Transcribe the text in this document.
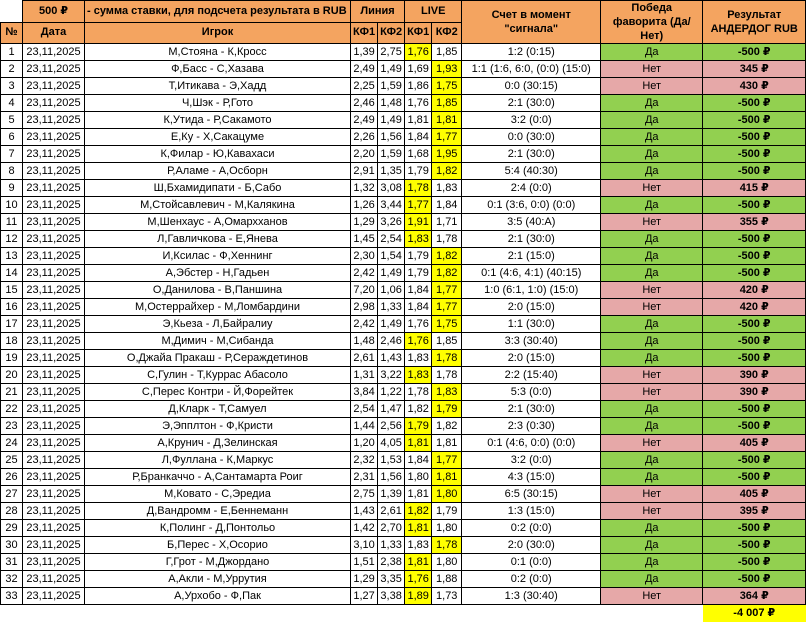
	500 ₽	- сумма ставки, для подсчета результата в RUB	Линия		LIVE		Счет в момент "сигнала"	Победа фаворита (Да/Нет)	Результат АНДЕРДОГ RUB
№	Дата	Игрок	КФ1	КФ2	КФ1	КФ2			
1	23,11,2025	М,Стояна - К,Кросс	1,39	2,75	1,76	1,85	1:2 (0:15)	Да	-500 ₽
2	23,11,2025	Ф,Басс - С,Хазава	2,49	1,49	1,69	1,93	1:1 (1:6, 6:0, (0:0) (15:0)	Нет	345 ₽
3	23,11,2025	Т,Итикава - Э,Хадд	2,25	1,59	1,86	1,75	0:0 (30:15)	Нет	430 ₽
4	23,11,2025	Ч,Шэк - Р,Гото	2,46	1,48	1,76	1,85	2:1 (30:0)	Да	-500 ₽
5	23,11,2025	К,Утида - Р,Сакамото	2,49	1,49	1,81	1,81	3:2 (0:0)	Да	-500 ₽
6	23,11,2025	Е,Ку - Х,Сакацуме	2,26	1,56	1,84	1,77	0:0 (30:0)	Да	-500 ₽
7	23,11,2025	К,Филар - Ю,Кавахаси	2,20	1,59	1,68	1,95	2:1 (30:0)	Да	-500 ₽
8	23,11,2025	Р,Аламе - А,Осборн	2,91	1,35	1,79	1,82	5:4 (40:30)	Да	-500 ₽
9	23,11,2025	Ш,Бхамидипати - Б,Сабо	1,32	3,08	1,78	1,83	2:4 (0:0)	Нет	415 ₽
10	23,11,2025	М,Стойсавлевич - М,Калякина	1,26	3,44	1,77	1,84	0:1 (3:6, 0:0) (0:0)	Да	-500 ₽
11	23,11,2025	М,Шенхаус - А,Омархханов	1,29	3,26	1,91	1,71	3:5 (40:А)	Нет	355 ₽
12	23,11,2025	Л,Гавличкова - Е,Янева	1,45	2,54	1,83	1,78	2:1 (30:0)	Да	-500 ₽
13	23,11,2025	И,Ксилас - Ф,Хеннинг	2,30	1,54	1,79	1,82	2:1 (15:0)	Да	-500 ₽
14	23,11,2025	А,Эбстер - Н,Гадьен	2,42	1,49	1,79	1,82	0:1 (4:6, 4:1) (40:15)	Да	-500 ₽
15	23,11,2025	О,Данилова - В,Паншина	7,20	1,06	1,84	1,77	1:0 (6:1, 1:0) (15:0)	Нет	420 ₽
16	23,11,2025	М,Остеррайхер - М,Ломбардини	2,98	1,33	1,84	1,77	2:0 (15:0)	Нет	420 ₽
17	23,11,2025	Э,Кьеза - Л,Байралиу	2,42	1,49	1,76	1,75	1:1 (30:0)	Да	-500 ₽
18	23,11,2025	М,Димич - М,Сибанда	1,48	2,46	1,76	1,85	3:3 (30:40)	Да	-500 ₽
19	23,11,2025	О,Джайа Пракаш - Р,Сераждетинов	2,61	1,43	1,83	1,78	2:0 (15:0)	Да	-500 ₽
20	23,11,2025	С,Гулин - Т,Куррас Абасоло	1,31	3,22	1,83	1,78	2:2 (15:40)	Нет	390 ₽
21	23,11,2025	С,Перес Контри - Й,Форейтек	3,84	1,22	1,78	1,83	5:3 (0:0)	Нет	390 ₽
22	23,11,2025	Д,Кларк - Т,Самуел	2,54	1,47	1,82	1,79	2:1 (30:0)	Да	-500 ₽
23	23,11,2025	Э,Эпплтон - Ф,Кристи	1,44	2,56	1,79	1,82	2:3 (0:30)	Да	-500 ₽
24	23,11,2025	А,Крунич - Д,Зелинская	1,20	4,05	1,81	1,81	0:1 (4:6, 0:0) (0:0)	Нет	405 ₽
25	23,11,2025	Л,Фуллана - К,Маркус	2,32	1,53	1,84	1,77	3:2 (0:0)	Да	-500 ₽
26	23,11,2025	Р,Бранкаччо - А,Сантамарта Роиг	2,31	1,56	1,80	1,81	4:3 (15:0)	Да	-500 ₽
27	23,11,2025	М,Ковато - С,Эредиа	2,75	1,39	1,81	1,80	6:5 (30:15)	Нет	405 ₽
28	23,11,2025	Д,Вандромм - Е,Беннеманн	1,43	2,61	1,82	1,79	1:3 (15:0)	Нет	395 ₽
29	23,11,2025	К,Полинг - Д,Понтольо	1,42	2,70	1,81	1,80	0:2 (0:0)	Да	-500 ₽
30	23,11,2025	Б,Перес - Х,Осорио	3,10	1,33	1,83	1,78	2:0 (30:0)	Да	-500 ₽
31	23,11,2025	Г,Грот - М,Джордано	1,51	2,38	1,81	1,80	0:1 (0:0)	Да	-500 ₽
32	23,11,2025	А,Акли - М,Уррутия	1,29	3,35	1,76	1,88	0:2 (0:0)	Да	-500 ₽
33	23,11,2025	А,Урхобо - Ф,Пак	1,27	3,38	1,89	1,73	1:3 (30:40)	Нет	364 ₽
									-4 007 ₽
